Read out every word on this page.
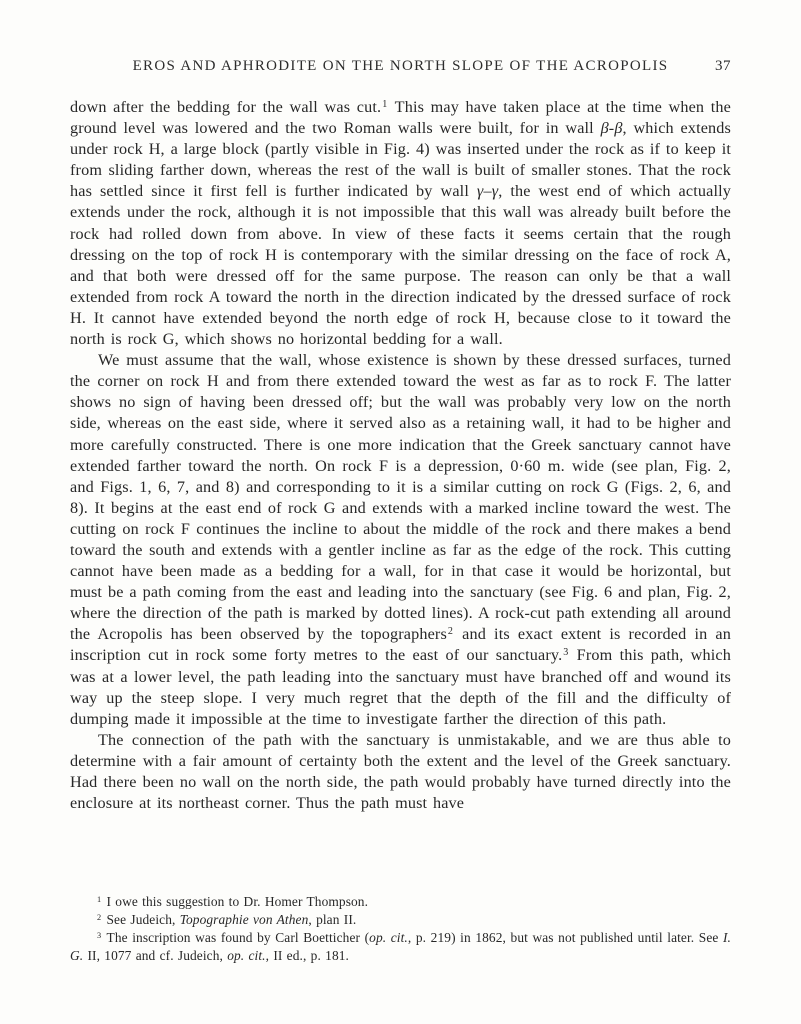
EROS AND APHRODITE ON THE NORTH SLOPE OF THE ACROPOLIS	37

down after the bedding for the wall was cut.$^1$ This may have taken place at the time when the ground level was lowered and the two Roman walls were built, for in wall β-β, which extends under rock H, a large block (partly visible in Fig. 4) was inserted under the rock as if to keep it from sliding farther down, whereas the rest of the wall is built of smaller stones. That the rock has settled since it first fell is further indicated by wall γ–γ, the west end of which actually extends under the rock, although it is not impossible that this wall was already built before the rock had rolled down from above. In view of these facts it seems certain that the rough dressing on the top of rock H is contemporary with the similar dressing on the face of rock A, and that both were dressed off for the same purpose. The reason can only be that a wall extended from rock A toward the north in the direction indicated by the dressed surface of rock H. It cannot have extended beyond the north edge of rock H, because close to it toward the north is rock G, which shows no horizontal bedding for a wall.

We must assume that the wall, whose existence is shown by these dressed surfaces, turned the corner on rock H and from there extended toward the west as far as to rock F. The latter shows no sign of having been dressed off; but the wall was probably very low on the north side, whereas on the east side, where it served also as a retaining wall, it had to be higher and more carefully constructed. There is one more indication that the Greek sanctuary cannot have extended farther toward the north. On rock F is a depression, 0·60 m. wide (see plan, Fig. 2, and Figs. 1, 6, 7, and 8) and corresponding to it is a similar cutting on rock G (Figs. 2, 6, and 8). It begins at the east end of rock G and extends with a marked incline toward the west. The cutting on rock F continues the incline to about the middle of the rock and there makes a bend toward the south and extends with a gentler incline as far as the edge of the rock. This cutting cannot have been made as a bedding for a wall, for in that case it would be horizontal, but must be a path coming from the east and leading into the sanctuary (see Fig. 6 and plan, Fig. 2, where the direction of the path is marked by dotted lines). A rock-cut path extending all around the Acropolis has been observed by the topographers$^2$ and its exact extent is recorded in an inscription cut in rock some forty metres to the east of our sanctuary.$^3$ From this path, which was at a lower level, the path leading into the sanctuary must have branched off and wound its way up the steep slope. I very much regret that the depth of the fill and the difficulty of dumping made it impossible at the time to investigate farther the direction of this path.

The connection of the path with the sanctuary is unmistakable, and we are thus able to determine with a fair amount of certainty both the extent and the level of the Greek sanctuary. Had there been no wall on the north side, the path would probably have turned directly into the enclosure at its northeast corner. Thus the path must have

$^1$ I owe this suggestion to Dr. Homer Thompson.

$^2$ See Judeich, Topographie von Athen, plan II.

$^3$ The inscription was found by Carl Boetticher (op. cit., p. 219) in 1862, but was not published until later. See I. G. II, 1077 and cf. Judeich, op. cit., II ed., p. 181.
